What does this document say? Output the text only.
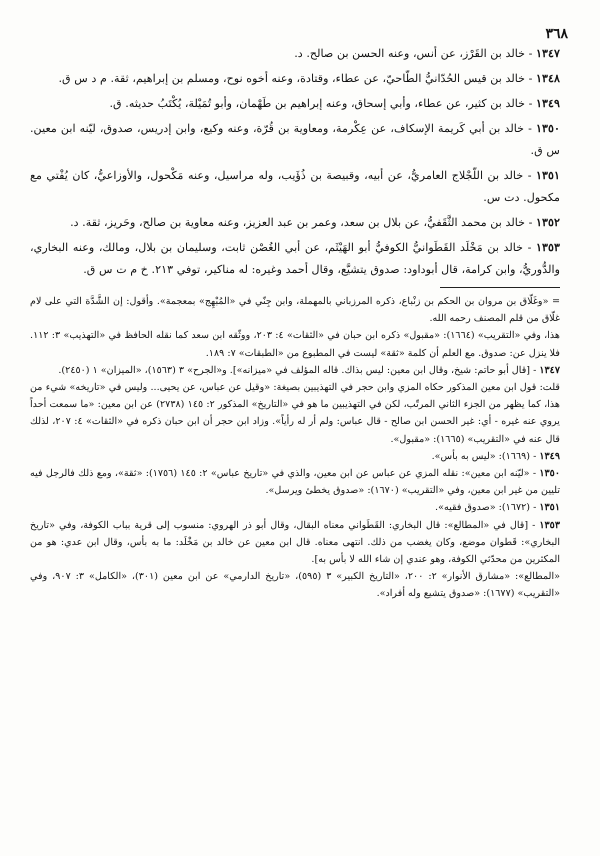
٣٦٨

١٣٤٧ - خالد بن القَرْز، عن أنس، وعنه الحسن بن صالح. د.

١٣٤٨ - خالد بن قيس الحُدّانيُّ الطّاحيّ، عن عطاء، وقتادة، وعنه أخوه نوح، ومسلم بن إبراهيم، ثقة. م د س ق.

١٣٤٩ - خالد بن كثير، عن عطاء، وأبي إسحاق، وعنه إبراهيم بن طَهْمان، وأبو تُمَيْلة، يُكْتَبُ حديثه. ق.

١٣٥٠ - خالد بن أبي كَريمة الإسكاف، عن عِكْرمة، ومعاوية بن قُرّة، وعنه وكيع، وابن إدريس، صدوق، ليّنه ابن معين. س ق.

١٣٥١ - خالد بن اللّجْلاج العامريُّ، عن أبيه، وقبيصة بن ذُؤَيب، وله مراسيل، وعنه مَكْحول، والأوزاعيُّ، كان يُفْتي مع مكحول. دت س.

١٣٥٢ - خالد بن محمد الثَّقَفيُّ، عن بلال بن سعد، وعمر بن عبد العزيز، وعنه معاوية بن صالح، وحَريز، ثقة. د.

١٣٥٣ - خالد بن مَخْلَد القَطَوانيُّ الكوفيُّ أبو الهَيْثَم، عن أبي الغُصْن ثابت، وسليمان بن بلال، ومالك، وعنه البخاري، والدُّوريُّ، وابن كرامة، قال أبوداود: صدوق يتشيَّع، وقال أحمد وغيره: له مناكير، توفي ٢١٣. خ م ت س ق.

= «وغَلّاق بن مروان بن الحكم بن زنْباع، ذكره المرزباني بالمهملة، وابن جِنّي في «المُبْهِج» بمعجمة». وأقول: إن الشَّدَّة التي على لام غلّاق من قلم المصنف رحمه الله.

هذا، وفي «التقريب» (١٦٦٤): «مقبول» ذكره ابن حبان في «الثقات» ٤: ٢٠٣، ووثّقه ابن سعد كما نقله الحافظ في «التهذيب» ٣: ١١٢. فلا ينزل عن: صدوق. مع العلم أن كلمة «ثقة» ليست في المطبوع من «الطبقات» ٧: ١٨٩.

١٣٤٧ - [قال أبو حاتم: شيخ، وقال ابن معين: ليس بذاك. قاله المؤلف في «ميزانه»]. و«الجرح» ٣ (١٥٦٣)، «الميزان» ١ (٢٤٥٠).

قلت: قول ابن معين المذكور حكاه المزي وابن حجر في التهذيبين بصيغة: «وقيل عن عباس، عن يحيى... وليس في «تاريخه» شيء من هذا، كما يظهر من الجزء الثاني المرتّب، لكن في التهذيبين ما هو في «التاريخ» المذكور ٢: ١٤٥ (٢٧٣٨) عن ابن معين: «ما سمعت أحداً يروي عنه غيره - أي: غير الحسن ابن صالح - قال عباس: ولم أر له رأياً». وزاد ابن حجر أن ابن حبان ذكره في «الثقات» ٤: ٢٠٧، لذلك قال عنه في «التقريب» (١٦٦٥): «مقبول».

١٣٤٩ - (١٦٦٩): «ليس به بأس».

١٣٥٠ - «ليّنه ابن معين»: نقله المزي عن عباس عن ابن معين، والذي في «تاريخ عباس» ٢: ١٤٥ (١٧٥٦): «ثقة»، ومع ذلك فالرجل فيه تليين من غير ابن معين، وفي «التقريب» (١٦٧٠): «صدوق يخطئ ويرسل».

١٣٥١ - (١٦٧٢): «صدوق فقيه».

١٣٥٣ - [قال في «المطالع»: قال البخاري: القَطَواني معناه البقال، وقال أبو ذر الهروي: منسوب إلى قرية بباب الكوفة، وفي «تاريخ البخاري»: قَطوان موضع، وكان يغضب من ذلك. انتهى معناه. قال ابن معين عن خالد بن مَخْلَد: ما به بأس، وقال ابن عدي: هو من المكثرين من محدّثي الكوفة، وهو عندي إن شاء الله لا بأس به].

«المطالع»: «مشارق الأنوار» ٢: ٢٠٠، «التاريخ الكبير» ٣ (٥٩٥)، «تاريخ الدارمي» عن ابن معين (٣٠١)، «الكامل» ٣: ٩٠٧، وفي «التقريب» (١٦٧٧): «صدوق يتشيع وله أفراد».
